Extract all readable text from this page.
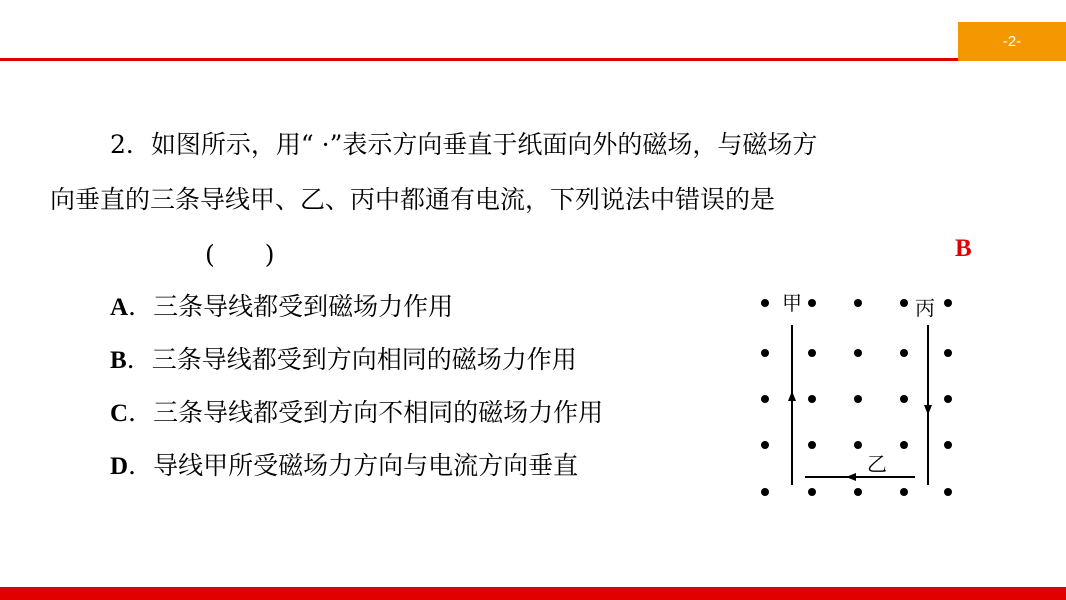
-2-
2．如图所示，用“ ·”表示方向垂直于纸面向外的磁场，与磁场方
向垂直的三条导线甲、乙、丙中都通有电流，下列说法中错误的是
(　　)	B
A．三条导线都受到磁场力作用
B．三条导线都受到方向相同的磁场力作用
C．三条导线都受到方向不相同的磁场力作用
D．导线甲所受磁场力方向与电流方向垂直
甲
乙
丙
